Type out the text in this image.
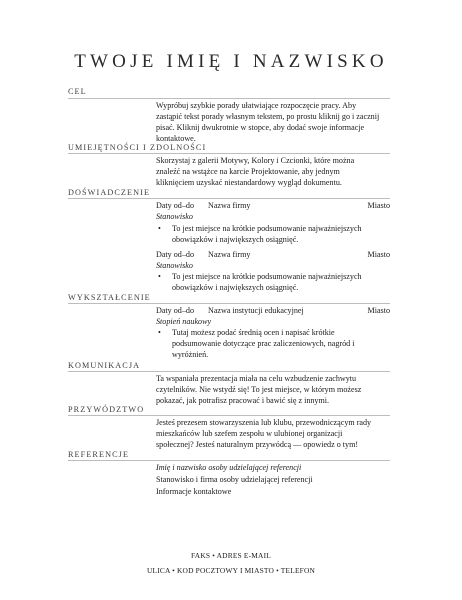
TWOJE IMIĘ I NAZWISKO
CEL
Wypróbuj szybkie porady ułatwiające rozpoczęcie pracy. Aby
zastąpić tekst porady własnym tekstem, po prostu kliknij go i zacznij
pisać. Kliknij dwukrotnie w stopce, aby dodać swoje informacje
kontaktowe.
UMIEJĘTNOŚCI I ZDOLNOŚCI
Skorzystaj z galerii Motywy, Kolory i Czcionki, które można
znaleźć na wstążce na karcie Projektowanie, aby jednym
kliknięciem uzyskać niestandardowy wygląd dokumentu.
DOŚWIADCZENIE
Daty od–do Nazwa firmy	Miasto
Stanowisko
• To jest miejsce na krótkie podsumowanie najważniejszych
obowiązków i największych osiągnięć.
Daty od–do Nazwa firmy	Miasto
Stanowisko
• To jest miejsce na krótkie podsumowanie najważniejszych
obowiązków i największych osiągnięć.
WYKSZTAŁCENIE
Daty od–do Nazwa instytucji edukacyjnej	Miasto
Stopień naukowy
• Tutaj możesz podać średnią ocen i napisać krótkie
podsumowanie dotyczące prac zaliczeniowych, nagród i
wyróżnień.
KOMUNIKACJA
Ta wspaniała prezentacja miała na celu wzbudzenie zachwytu
czytelników. Nie wstydź się! To jest miejsce, w którym możesz
pokazać, jak potrafisz pracować i bawić się z innymi.
PRZYWÓDZTWO
Jesteś prezesem stowarzyszenia lub klubu, przewodniczącym rady
mieszkańców lub szefem zespołu w ulubionej organizacji
społecznej? Jesteś naturalnym przywódcą — opowiedz o tym!
REFERENCJE
Imię i nazwisko osoby udzielającej referencji
Stanowisko i firma osoby udzielającej referencji
Informacje kontaktowe
FAKS • ADRES E-MAIL
ULICA • KOD POCZTOWY I MIASTO • TELEFON
